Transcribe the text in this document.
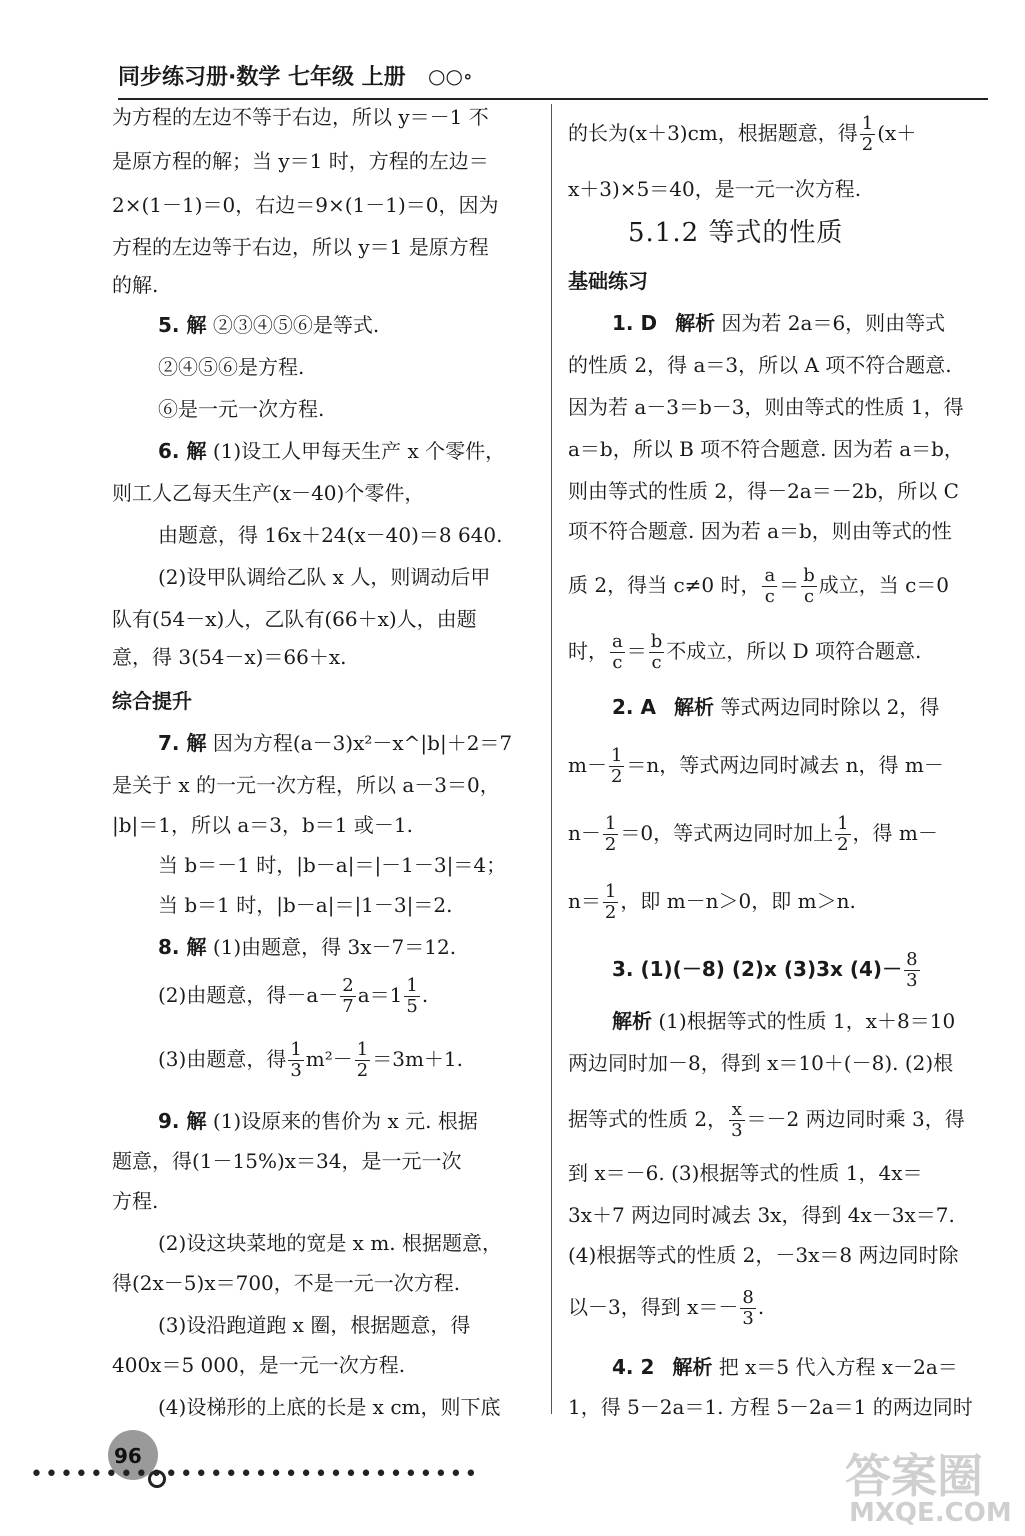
同步练习册·数学 七年级 上册 ○○∘
为方程的左边不等于右边，所以 y＝－1 不
是原方程的解；当 y＝1 时，方程的左边＝
2×(1－1)＝0，右边＝9×(1－1)＝0，因为
方程的左边等于右边，所以 y＝1 是原方程
的解.
5. 解 ②③④⑤⑥是等式.
②④⑤⑥是方程.
⑥是一元一次方程.
6. 解 (1)设工人甲每天生产 x 个零件，
则工人乙每天生产(x－40)个零件，
由题意，得 16x＋24(x－40)＝8 640.
(2)设甲队调给乙队 x 人，则调动后甲
队有(54－x)人，乙队有(66＋x)人，由题
意，得 3(54－x)＝66＋x.
综合提升
7. 解 因为方程(a－3)x²－x^|b|＋2＝7
是关于 x 的一元一次方程，所以 a－3＝0，
|b|＝1，所以 a＝3，b＝1 或－1.
当 b＝－1 时，|b－a|＝|－1－3|＝4；
当 b＝1 时，|b－a|＝|1－3|＝2.
8. 解 (1)由题意，得 3x－7＝12.
(2)由题意，得$-a- \frac{2}{7} a=1 \frac{1}{5}$ .
(3)由题意，得 $\frac{1}{3} m^2- \frac{1}{2} =3m+1$.
9. 解 (1)设原来的售价为 x 元. 根据
题意，得(1－15%)x＝34，是一元一次
方程.
(2)设这块菜地的宽是 x m. 根据题意，
得(2x－5)x＝700，不是一元一次方程.
(3)设沿跑道跑 x 圈，根据题意，得
400x＝5 000，是一元一次方程.
(4)设梯形的上底的长是 x cm，则下底
的长为(x＋3)cm，根据题意，得 $\frac{1}{2} (x+$
x＋3)×5＝40，是一元一次方程.
5.1.2 等式的性质
基础练习
1. D 解析 因为若 2a＝6，则由等式
的性质 2，得 a＝3，所以 A 项不符合题意.
因为若 a－3＝b－3，则由等式的性质 1，得
a＝b，所以 B 项不符合题意. 因为若 a＝b，
则由等式的性质 2，得－2a＝－2b，所以 C
项不符合题意. 因为若 a＝b，则由等式的性
质 2，得当 c≠0 时， $\frac{a}{c} = \frac{b}{c}$ 成立，当 c＝0
时， $\frac{a}{c} = \frac{b}{c}$ 不成立，所以 D 项符合题意.
2. A 解析 等式两边同时除以 2，得
$m- \frac{1}{2} =n$，等式两边同时减去 n，得 m－
$n- \frac{1}{2} =0$，等式两边同时加上 $\frac{1}{2}$ ，得 m－
$n= \frac{1}{2}$ ，即 m－n＞0，即 m＞n.
3. (1)(－8) (2)x (3)3x $(4)- \frac{8}{3}$
解析 (1)根据等式的性质 1，x＋8＝10
两边同时加－8，得到 x＝10＋(－8). (2)根
据等式的性质 2， $\frac{x}{3} =-2$ 两边同时乘 3，得
到 x＝－6. (3)根据等式的性质 1，4x＝
3x＋7 两边同时减去 3x，得到 4x－3x＝7.
(4)根据等式的性质 2，－3x＝8 两边同时除
以－3，得到 $x=- \frac{8}{3}$ .
4. 2 解析 把 x＝5 代入方程 x－2a＝
1，得 5－2a＝1. 方程 5－2a＝1 的两边同时
96
••••••••••••••••••••••••••••••	答案圈
MXQE.COM
